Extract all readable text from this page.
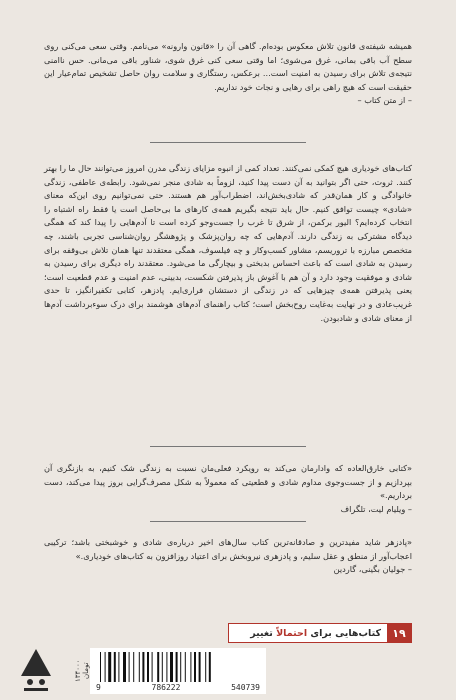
همیشه شیفته‌ی قانون تلاش معکوس بوده‌ام. گاهی آن را «قانون وارونه» می‌نامم. وقتی سعی می‌کنی روی سطح آب باقی بمانی، غرق می‌شوی؛ اما وقتی سعی کنی غرق شوی، شناور باقی می‌مانی. حس ناامنی نتیجه‌ی تلاش برای رسیدن به امنیت است... برعکس، رستگاری و سلامت روان حاصل تشخیص تمام‌عیار این حقیقت است که هیچ راهی برای رهایی و نجات خود نداریم.

– از متن کتاب –

کتاب‌های خودیاری هیچ کمکی نمی‌کنند. تعداد کمی از انبوه مزایای زندگی مدرن امروز می‌توانند حال ما را بهتر کنند. ثروت، حتی اگر بتوانید به آن دست پیدا کنید، لزوماً به شادی منجر نمی‌شود. رابطه‌ی عاطفی، زندگی خانوادگی و کار همان‌قدر که شادی‌بخش‌اند، اضطراب‌آور هم هستند. حتی نمی‌توانیم روی این‌که معنای «شادی» چیست توافق کنیم. حال باید نتیجه بگیریم همه‌ی کارهای ما بی‌حاصل است یا فقط راه اشتباه را انتخاب کرده‌ایم؟ الیور برکمن، از شرق تا غرب را جست‌وجو کرده است تا آدم‌هایی را پیدا کند که همگی دیدگاه مشترکی به زندگی دارند. آدم‌هایی که چه روان‌پزشک و پژوهشگر روان‌شناسی تجربی باشند، چه متخصص مبارزه با تروریسم، مشاور کسب‌وکار و چه فیلسوف، همگی معتقدند تنها همان تلاش بی‌وقفه برای رسیدن به شادی است که باعث احساس بدبختی و بیچارگی ما می‌شود. معتقدند راه دیگری برای رسیدن به شادی و موفقیت وجود دارد و آن هم با آغوش باز پذیرفتن شکست، بدبینی، عدم امنیت و عدم قطعیت است؛ یعنی پذیرفتن همه‌ی چیزهایی که در زندگی از دستشان فراری‌ایم. پادزهر، کتابی تکفیرانگیز، تا حدی غریب‌عادی و در نهایت به‌غایت روح‌بخش است؛ کتاب راهنمای آدم‌های هوشمند برای درک سوءبرداشت آدم‌ها از معنای شادی و شادبودن.

«کتابی خارق‌العاده که وادارمان می‌کند به رویکرد فعلی‌مان نسبت به زندگی شک کنیم، به بازنگری آن بپردازیم و از جست‌وجوی مداوم شادی و قطعیتی که معمولاً به شکل مصرف‌گرایی بروز پیدا می‌کند، دست برداریم.»

– ویلیام لیت، تلگراف

«پادزهر شاید مفیدترین و صادقانه‌ترین کتاب سال‌های اخیر درباره‌ی شادی و خوشبختی باشد؛ ترکیبی اعجاب‌آور از منطق و عقل سلیم، و پادزهری نیروبخش برای اعتیاد روزافزون به کتاب‌های خودیاری.»

– جولیان بگینی، گاردین

۱۹
کتاب‌هایی برای احتمالاً تغییر
۱۳۴۰۰۰ تومان
9	786222	540739
